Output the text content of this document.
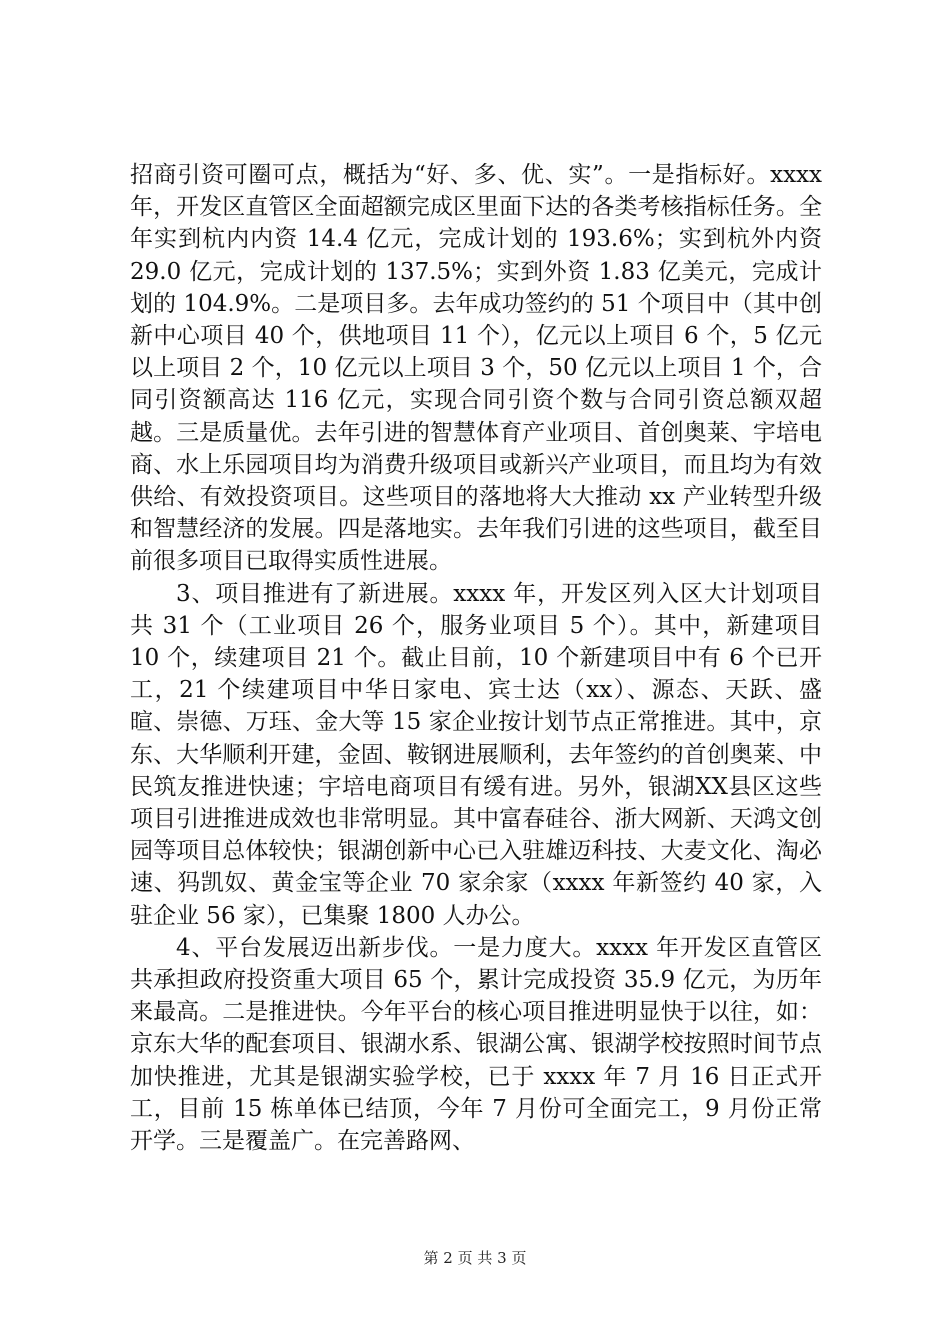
招商引资可圈可点，概括为“好、多、优、实”。一是指标好。xxxx 年，开发区直管区全面超额完成区里面下达的各类考核指标任务。全年实到杭内内资 14.4 亿元，完成计划的 193.6%；实到杭外内资 29.0 亿元，完成计划的 137.5%；实到外资 1.83 亿美元，完成计划的 104.9%。二是项目多。去年成功签约的 51 个项目中（其中创新中心项目 40 个，供地项目 11 个），亿元以上项目 6 个，5 亿元以上项目 2 个，10 亿元以上项目 3 个，50 亿元以上项目 1 个，合同引资额高达 116 亿元，实现合同引资个数与合同引资总额双超越。三是质量优。去年引进的智慧体育产业项目、首创奥莱、宇培电商、水上乐园项目均为消费升级项目或新兴产业项目，而且均为有效供给、有效投资项目。这些项目的落地将大大推动 xx 产业转型升级和智慧经济的发展。四是落地实。去年我们引进的这些项目，截至目前很多项目已取得实质性进展。

3、项目推进有了新进展。xxxx 年，开发区列入区大计划项目共 31 个（工业项目 26 个，服务业项目 5 个）。其中，新建项目 10 个，续建项目 21 个。截止目前，10 个新建项目中有 6 个已开工，21 个续建项目中华日家电、宾士达（xx）、源态、天跃、盛暄、崇德、万珏、金大等 15 家企业按计划节点正常推进。其中，京东、大华顺利开建，金固、鞍钢进展顺利，去年签约的首创奥莱、中民筑友推进快速；宇培电商项目有缓有进。另外，银湖XX县区这些项目引进推进成效也非常明显。其中富春硅谷、浙大网新、天鸿文创园等项目总体较快；银湖创新中心已入驻雄迈科技、大麦文化、淘必速、犸凯奴、黄金宝等企业 70 家余家（xxxx 年新签约 40 家，入驻企业 56 家），已集聚 1800 人办公。

4、平台发展迈出新步伐。一是力度大。xxxx 年开发区直管区共承担政府投资重大项目 65 个，累计完成投资 35.9 亿元，为历年来最高。二是推进快。今年平台的核心项目推进明显快于以往，如：京东大华的配套项目、银湖水系、银湖公寓、银湖学校按照时间节点加快推进，尤其是银湖实验学校，已于 xxxx 年 7 月 16 日正式开工，目前 15 栋单体已结顶，今年 7 月份可全面完工，9 月份正常开学。三是覆盖广。在完善路网、

第 2 页 共 3 页
